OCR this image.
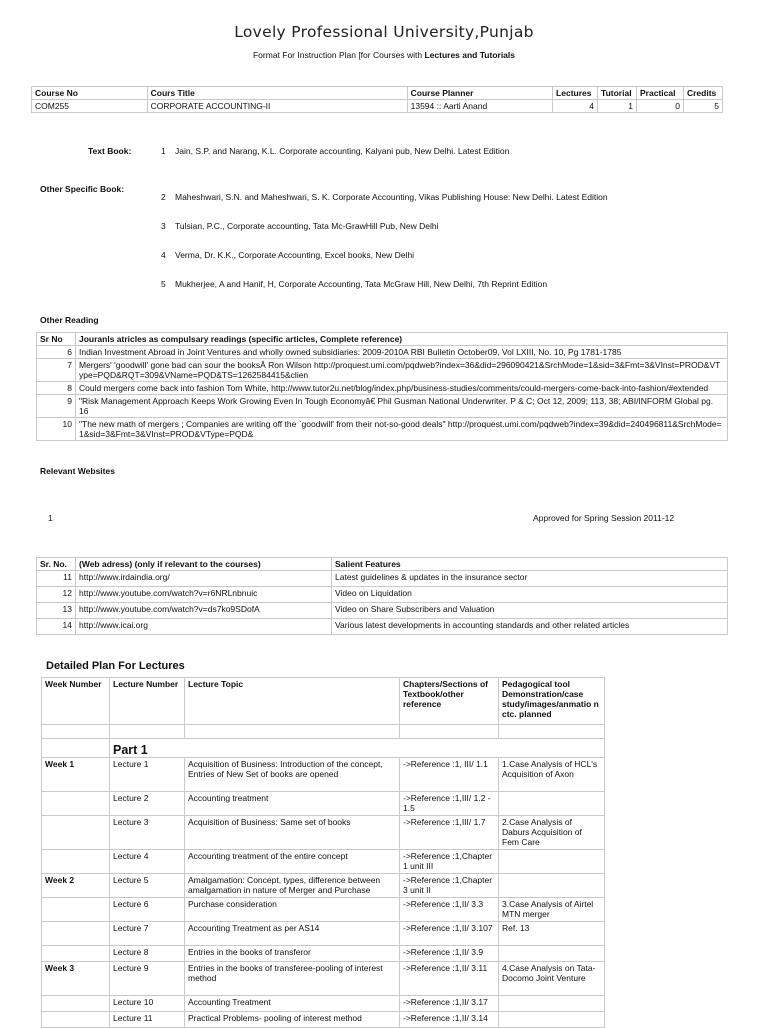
Lovely Professional University,Punjab
Format For Instruction Plan [for Courses with Lectures and Tutorials
Course No	Cours Title	Course Planner	Lectures	Tutorial	Practical	Credits
COM255	CORPORATE ACCOUNTING-II	13594 :: Aarti Anand	4	1	0	5
Text Book:	1 Jain, S.P. and Narang, K.L. Corporate accounting, Kalyani pub, New Delhi. Latest Edition
Other Specific Book:
2 Maheshwari, S.N. and Maheshwari, S. K. Corporate Accounting, Vikas Publishing House: New Delhi. Latest Edition
3 Tulsian, P.C., Corporate accounting, Tata Mc-GrawHill Pub, New Delhi
4 Verma, Dr. K.K., Corporate Accounting, Excel books, New Delhi
5 Mukherjee, A and Hanif, H, Corporate Accounting, Tata McGraw Hill, New Delhi, 7th Reprint Edition
Other Reading
Sr No	Jouranls atricles as compulsary readings (specific articles, Complete reference)
6	Indian Investment Abroad in Joint Ventures and wholly owned subsidiaries: 2009-2010A RBI Bulletin October09, Vol LXIII, No. 10, Pg 1781-1785
7	Mergers' 'goodwill' gone bad can sour the booksÂ Ron Wilson http://proquest.umi.com/pqdweb?index=36&did=296090421&SrchMode=1&sid=3&Fmt=3&VInst=PROD&VType=PQD&RQT=309&VName=PQD&TS=1262584415&clien
8	Could mergers come back into fashion Tom White, http://www.tutor2u.net/blog/index.php/business-studies/comments/could-mergers-come-back-into-fashion/#extended
9	"Risk Management Approach Keeps Work Growing Even In Tough Economyâ€ Phil Gusman National Underwriter. P & C; Oct 12, 2009; 113, 38; ABI/INFORM Global pg. 16
10	"The new math of mergers ; Companies are writing off the `goodwill' from their not-so-good deals" http://proquest.umi.com/pqdweb?index=39&did=240496811&SrchMode=1&sid=3&Fmt=3&VInst=PROD&VType=PQD&
Relevant Websites
1	Approved for Spring Session 2011-12
Sr. No.	(Web adress) (only if relevant to the courses)	Salient Features
11	http://www.irdaindia.org/	Latest guidelines & updates in the insurance sector
12	http://www.youtube.com/watch?v=r6NRLnbnuic	Video on Liquidation
13	http://www.youtube.com/watch?v=ds7ko9SDofA	Video on Share Subscribers and Valuation
14	http://www.icai.org	Various latest developments in accounting standards and other related articles
Detailed Plan For Lectures
Week Number	Lecture Number	Lecture Topic	Chapters/Sections of Textbook/other reference	Pedagogical tool Demonstration/case study/images/anmatio n ctc. planned

	Part 1			
Week 1	Lecture 1	Acquisition of Business: Introduction of the concept, Entries of New Set of books are opened	->Reference :1, III/ 1.1	1.Case Analysis of HCL's Acquisition of Axon
	Lecture 2	Accounting treatment	->Reference :1,III/ 1.2 - 1.5	
	Lecture 3	Acquisition of Business: Same set of books	->Reference :1,III/ 1.7	2.Case Analysis of Daburs Acquisition of Fem Care
	Lecture 4	Accounting treatment of the entire concept	->Reference :1,Chapter 1 unit III	
Week 2	Lecture 5	Amalgamation: Concept, types, difference between amalgamation in nature of Merger and Purchase	->Reference :1,Chapter 3 unit II	
	Lecture 6	Purchase consideration	->Reference :1,II/ 3.3	3.Case Analysis of Airtel MTN merger
	Lecture 7	Accounting Treatment as per AS14	->Reference :1,II/ 3.107	Ref. 13
	Lecture 8	Entries in the books of transferor	->Reference :1,II/ 3.9	
Week 3	Lecture 9	Entries in the books of transferee-pooling of interest method	->Reference :1,II/ 3.11	4.Case Analysis on Tata-Docomo Joint Venture
	Lecture 10	Accounting Treatment	->Reference :1,II/ 3.17	
	Lecture 11	Practical Problems- pooling of interest method	->Reference :1,II/ 3.14	
